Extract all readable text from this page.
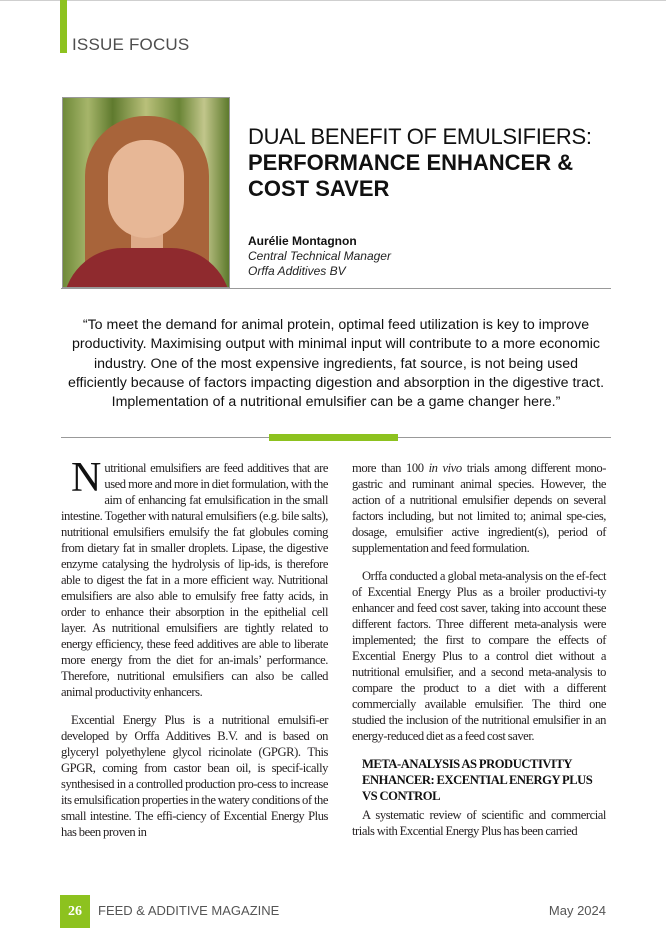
ISSUE FOCUS
DUAL BENEFIT OF EMULSIFIERS:
PERFORMANCE ENHANCER & COST SAVER
Aurélie Montagnon
Central Technical Manager
Orffa Additives BV
“To meet the demand for animal protein, optimal feed utilization is key to improve productivity. Maximising output with minimal input will contribute to a more economic industry. One of the most expensive ingredients, fat source, is not being used efficiently because of factors impacting digestion and absorption in the digestive tract. Implementation of a nutritional emulsifier can be a game changer here.”

Nutritional emulsifiers are feed additives that are used more and more in diet formulation, with the aim of enhancing fat emulsification in the small intestine. Together with natural emulsifiers (e.g. bile salts), nutritional emulsifiers emulsify the fat globules coming from dietary fat in smaller droplets. Lipase, the digestive enzyme catalysing the hydrolysis of lip-ids, is therefore able to digest the fat in a more efficient way. Nutritional emulsifiers are also able to emulsify free fatty acids, in order to enhance their absorption in the epithelial cell layer. As nutritional emulsifiers are tightly related to energy efficiency, these feed additives are able to liberate more energy from the diet for an-imals’ performance. Therefore, nutritional emulsifiers can also be called animal productivity enhancers.

Excential Energy Plus is a nutritional emulsifi-er developed by Orffa Additives B.V. and is based on glyceryl polyethylene glycol ricinolate (GPGR). This GPGR, coming from castor bean oil, is specif-ically synthesised in a controlled production pro-cess to increase its emulsification properties in the watery conditions of the small intestine. The effi-ciency of Excential Energy Plus has been proven in

more than 100 in vivo trials among different mono-gastric and ruminant animal species. However, the action of a nutritional emulsifier depends on several factors including, but not limited to; animal spe-cies, dosage, emulsifier active ingredient(s), period of supplementation and feed formulation.

Orffa conducted a global meta-analysis on the ef-fect of Excential Energy Plus as a broiler productivi-ty enhancer and feed cost saver, taking into account these different factors. Three different meta-analysis were implemented; the first to compare the effects of Excential Energy Plus to a control diet without a nutritional emulsifier, and a second meta-analysis to compare the product to a diet with a different commercially available emulsifier. The third one studied the inclusion of the nutritional emulsifier in an energy-reduced diet as a feed cost saver.

META-ANALYSIS AS PRODUCTIVITY ENHANCER: EXCENTIAL ENERGY PLUS VS CONTROL

A systematic review of scientific and commercial trials with Excential Energy Plus has been carried

26	FEED & ADDITIVE MAGAZINE	May 2024
